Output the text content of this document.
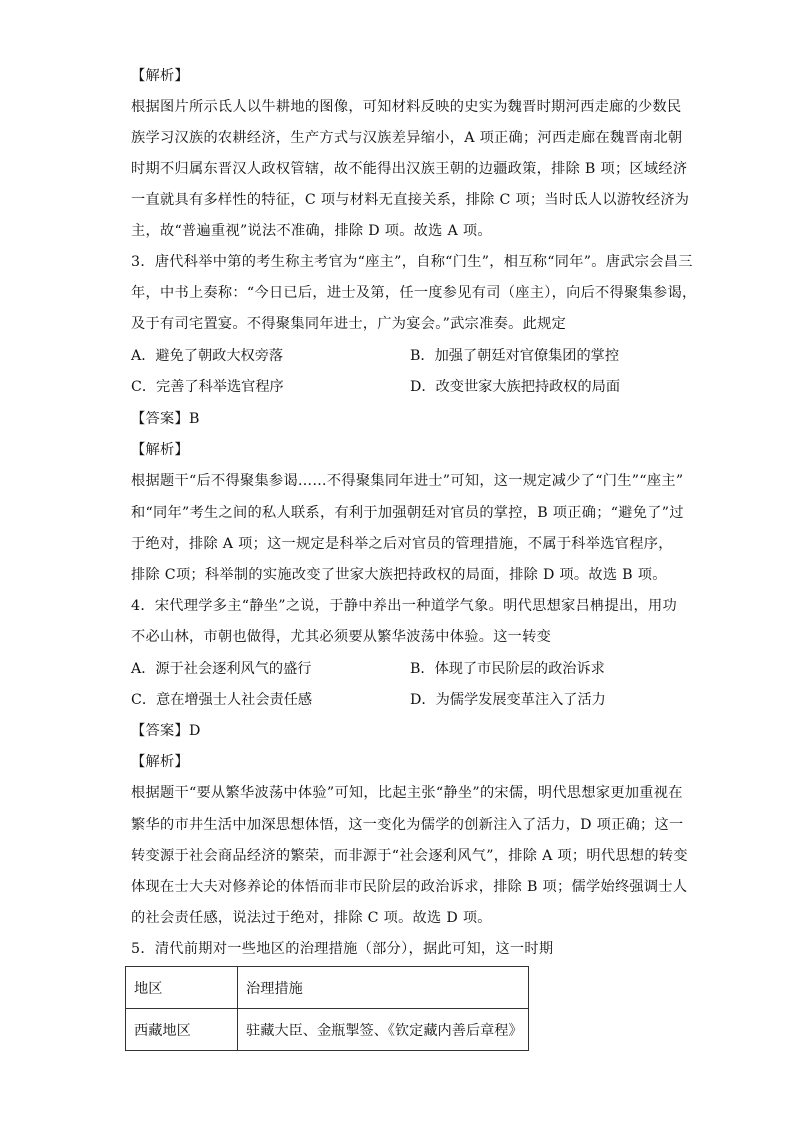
【解析】
根据图片所示氐人以牛耕地的图像，可知材料反映的史实为魏晋时期河西走廊的少数民
族学习汉族的农耕经济，生产方式与汉族差异缩小，A 项正确；河西走廊在魏晋南北朝
时期不归属东晋汉人政权管辖，故不能得出汉族王朝的边疆政策，排除 B 项；区域经济
一直就具有多样性的特征，C 项与材料无直接关系，排除 C 项；当时氐人以游牧经济为
主，故“普遍重视”说法不准确，排除 D 项。故选 A 项。
3．唐代科举中第的考生称主考官为“座主”，自称“门生”，相互称“同年”。唐武宗会昌三
年，中书上奏称：“今日已后，进士及第，任一度参见有司（座主），向后不得聚集参谒，
及于有司宅置宴。不得聚集同年进士，广为宴会。”武宗准奏。此规定
A．避免了朝政大权旁落	B．加强了朝廷对官僚集团的掌控
C．完善了科举选官程序	D．改变世家大族把持政权的局面
【答案】B
【解析】
根据题干“后不得聚集参谒……不得聚集同年进士”可知，这一规定减少了“门生”“座主”
和“同年”考生之间的私人联系，有利于加强朝廷对官员的掌控，B 项正确；“避免了”过
于绝对，排除 A 项；这一规定是科举之后对官员的管理措施，不属于科举选官程序，
排除 C项；科举制的实施改变了世家大族把持政权的局面，排除 D 项。故选 B 项。
4．宋代理学多主“静坐”之说，于静中养出一种道学气象。明代思想家吕柟提出，用功
不必山林，市朝也做得，尤其必须要从繁华波荡中体验。这一转变
A．源于社会逐利风气的盛行	B．体现了市民阶层的政治诉求
C．意在增强士人社会责任感	D．为儒学发展变革注入了活力
【答案】D
【解析】
根据题干“要从繁华波荡中体验”可知，比起主张“静坐”的宋儒，明代思想家更加重视在
繁华的市井生活中加深思想体悟，这一变化为儒学的创新注入了活力，D 项正确；这一
转变源于社会商品经济的繁荣，而非源于“社会逐利风气”，排除 A 项；明代思想的转变
体现在士大夫对修养论的体悟而非市民阶层的政治诉求，排除 B 项；儒学始终强调士人
的社会责任感，说法过于绝对，排除 C 项。故选 D 项。
5．清代前期对一些地区的治理措施（部分），据此可知，这一时期
地区	治理措施
西藏地区	驻藏大臣、金瓶掣签、《钦定藏内善后章程》
